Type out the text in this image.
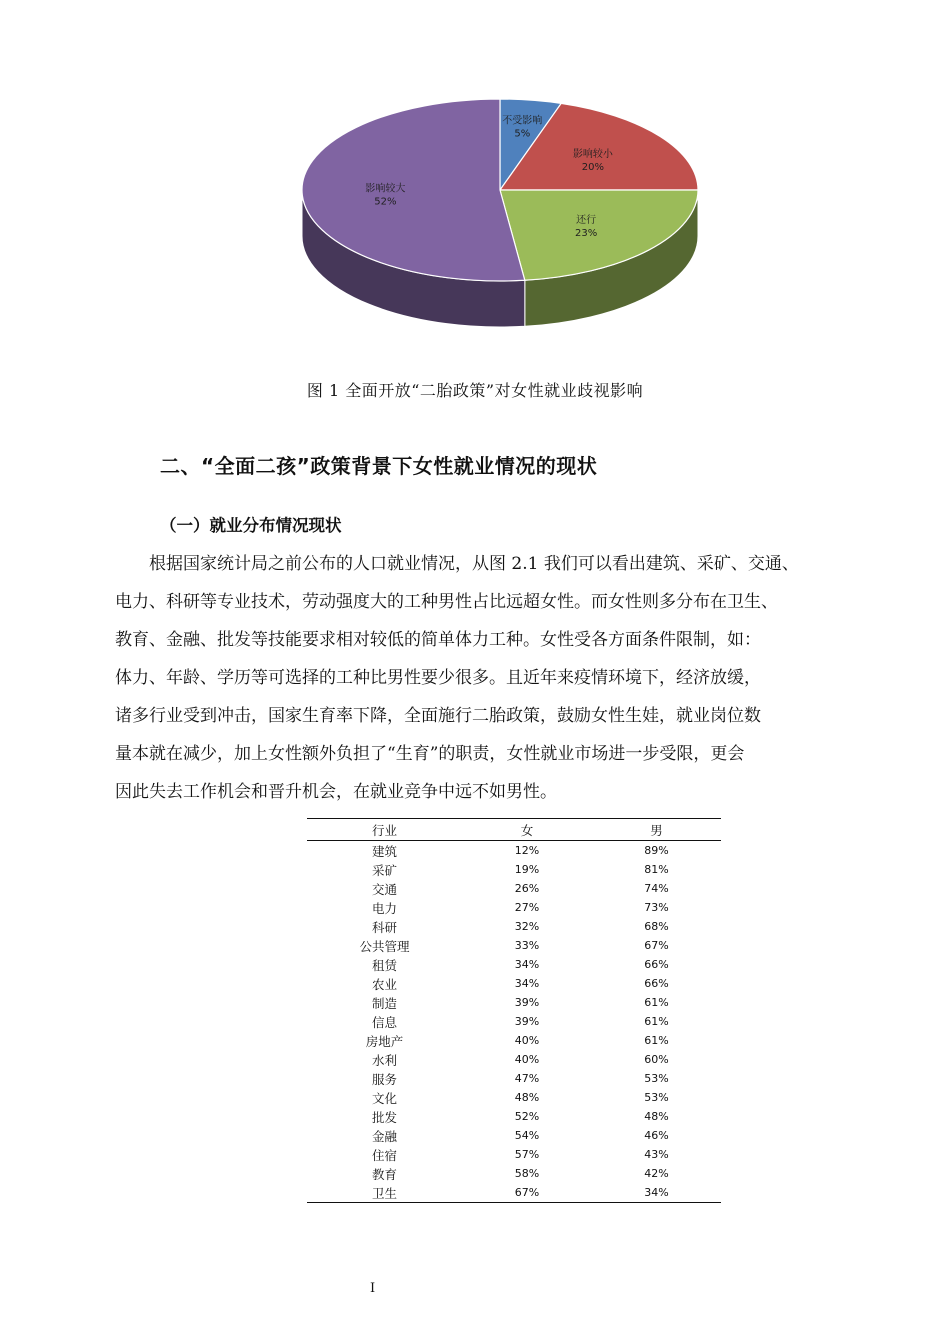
不受影响
5%
影响较小
20%
还行
23%
影响较大
52%
图 1 全面开放“二胎政策”对女性就业歧视影响
二、“全面二孩”政策背景下女性就业情况的现状
（一）就业分布情况现状
根据国家统计局之前公布的人口就业情况，从图 2.1 我们可以看出建筑、采矿、交通、
电力、科研等专业技术，劳动强度大的工种男性占比远超女性。而女性则多分布在卫生、
教育、金融、批发等技能要求相对较低的简单体力工种。女性受各方面条件限制，如：
体力、年龄、学历等可选择的工种比男性要少很多。且近年来疫情环境下，经济放缓，
诸多行业受到冲击，国家生育率下降，全面施行二胎政策，鼓励女性生娃，就业岗位数
量本就在减少，加上女性额外负担了“生育”的职责，女性就业市场进一步受限，更会
因此失去工作机会和晋升机会，在就业竞争中远不如男性。
行业	女	男
建筑	12%	89%
采矿	19%	81%
交通	26%	74%
电力	27%	73%
科研	32%	68%
公共管理	33%	67%
租赁	34%	66%
农业	34%	66%
制造	39%	61%
信息	39%	61%
房地产	40%	61%
水利	40%	60%
服务	47%	53%
文化	48%	53%
批发	52%	48%
金融	54%	46%
住宿	57%	43%
教育	58%	42%
卫生	67%	34%
I
